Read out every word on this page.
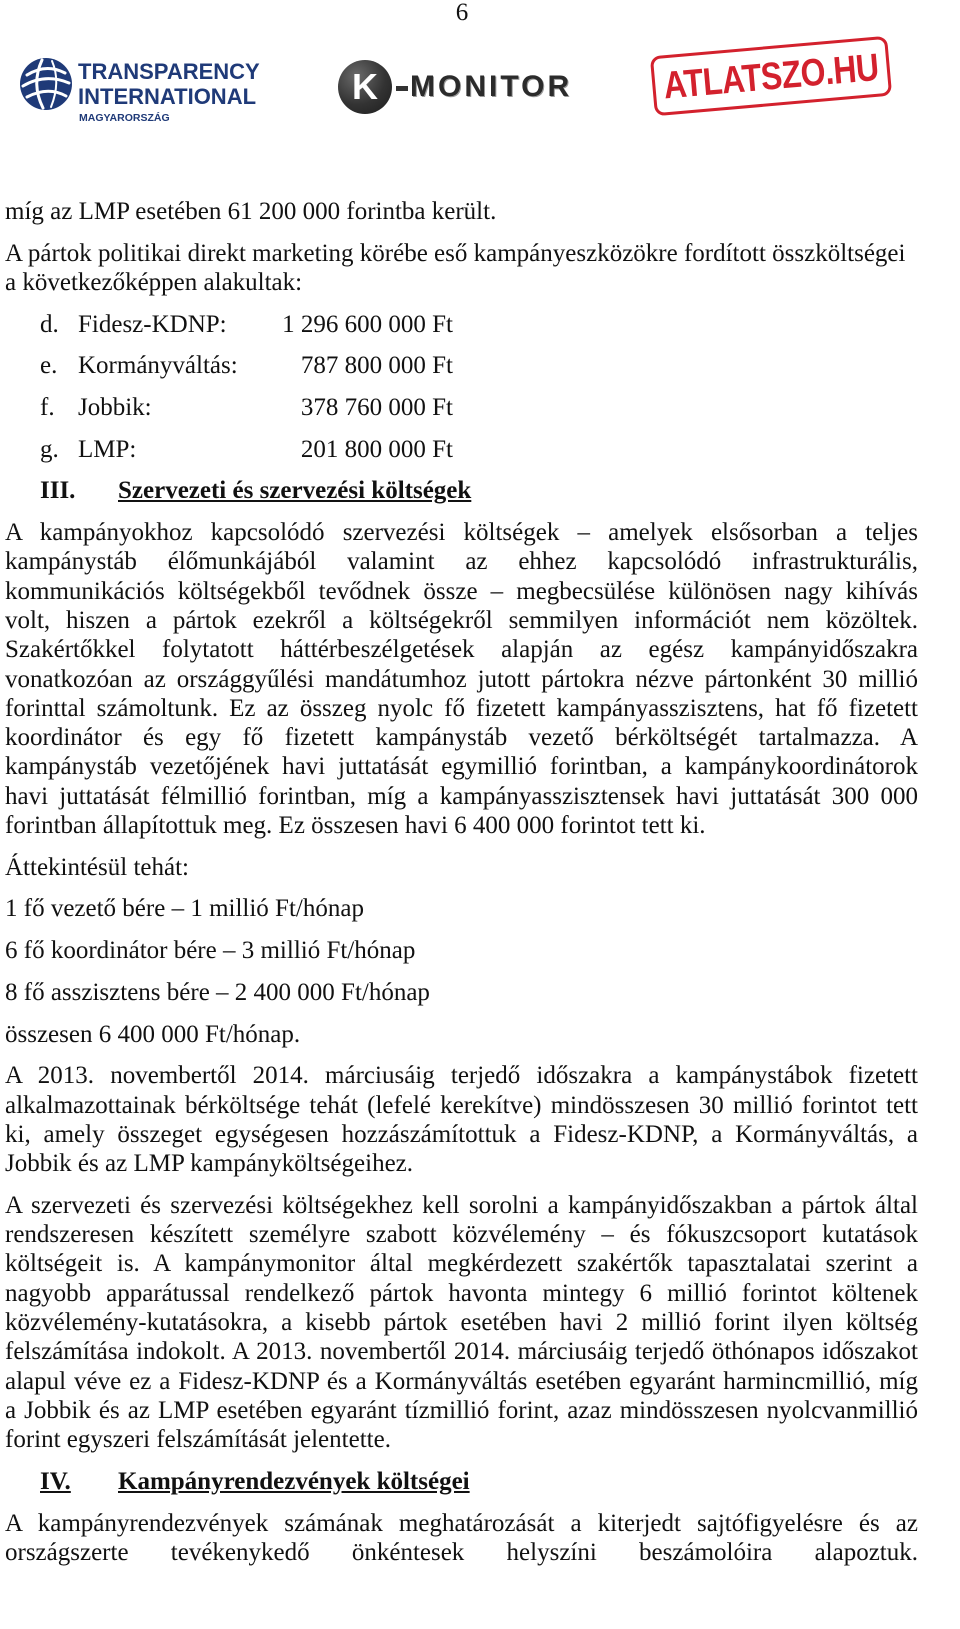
6
TRANSPARENCY
INTERNATIONAL
MAGYARORSZÁG
K	MONITOR	ATLATSZO.HU
míg az LMP esetében 61 200 000 forintba került.
A pártok politikai direkt marketing körébe eső kampányeszközökre fordított összköltségei
a következőképpen alakultak:
d. Fidesz-KDNP: 1 296 600 000 Ft
e. Kormányváltás:	787 800 000 Ft
f. Jobbik:	378 760 000 Ft
g. LMP:	201 800 000 Ft
III. Szervezeti és szervezési költségek
A kampányokhoz kapcsolódó szervezési költségek – amelyek elsősorban a teljes
kampánystáb élőmunkájából valamint az ehhez kapcsolódó infrastrukturális,
kommunikációs költségekből tevődnek össze – megbecsülése különösen nagy kihívás
volt, hiszen a pártok ezekről a költségekről semmilyen információt nem közöltek.
Szakértőkkel folytatott háttérbeszélgetések alapján az egész kampányidőszakra
vonatkozóan az országgyűlési mandátumhoz jutott pártokra nézve pártonként 30 millió
forinttal számoltunk. Ez az összeg nyolc fő fizetett kampányasszisztens, hat fő fizetett
koordinátor és egy fő fizetett kampánystáb vezető bérköltségét tartalmazza. A
kampánystáb vezetőjének havi juttatását egymillió forintban, a kampánykoordinátorok
havi juttatását félmillió forintban, míg a kampányasszisztensek havi juttatását 300 000
forintban állapítottuk meg. Ez összesen havi 6 400 000 forintot tett ki.
Áttekintésül tehát:
1 fő vezető bére – 1 millió Ft/hónap
6 fő koordinátor bére – 3 millió Ft/hónap
8 fő asszisztens bére – 2 400 000 Ft/hónap
összesen 6 400 000 Ft/hónap.
A 2013. novembertől 2014. márciusáig terjedő időszakra a kampánystábok fizetett
alkalmazottainak bérköltsége tehát (lefelé kerekítve) mindösszesen 30 millió forintot tett
ki, amely összeget egységesen hozzászámítottuk a Fidesz-KDNP, a Kormányváltás, a
Jobbik és az LMP kampányköltségeihez.
A szervezeti és szervezési költségekhez kell sorolni a kampányidőszakban a pártok által
rendszeresen készített személyre szabott közvélemény – és fókuszcsoport kutatások
költségeit is. A kampánymonitor által megkérdezett szakértők tapasztalatai szerint a
nagyobb apparátussal rendelkező pártok havonta mintegy 6 millió forintot költenek
közvélemény-kutatásokra, a kisebb pártok esetében havi 2 millió forint ilyen költség
felszámítása indokolt. A 2013. novembertől 2014. márciusáig terjedő öthónapos időszakot
alapul véve ez a Fidesz-KDNP és a Kormányváltás esetében egyaránt harmincmillió, míg
a Jobbik és az LMP esetében egyaránt tízmillió forint, azaz mindösszesen nyolcvanmillió
forint egyszeri felszámítását jelentette.
IV. Kampányrendezvények költségei
A kampányrendezvények számának meghatározását a kiterjedt sajtófigyelésre és az
országszerte tevékenykedő önkéntesek helyszíni beszámolóira alapoztuk.
